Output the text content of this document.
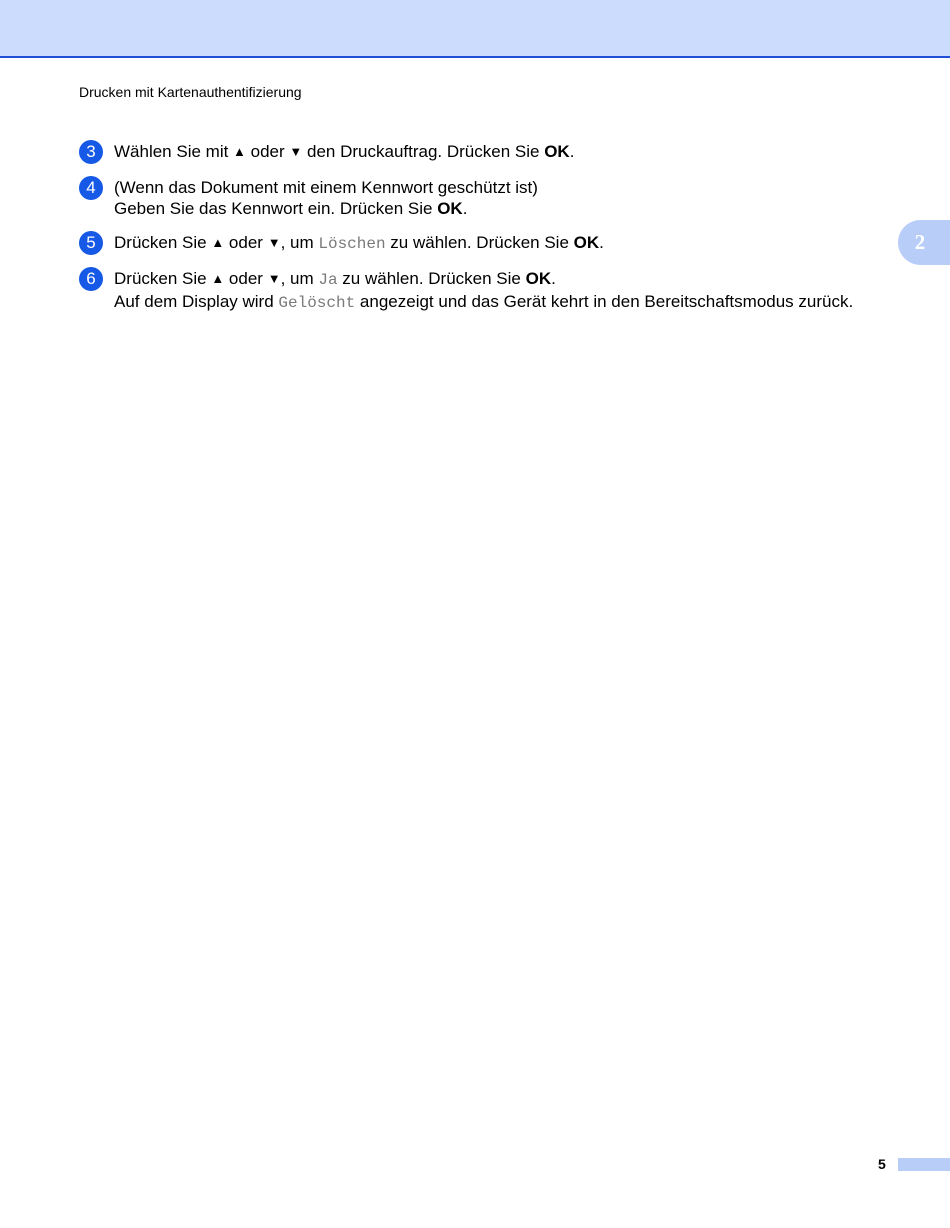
Drucken mit Kartenauthentifizierung
2
3	Wählen Sie mit ▲ oder ▼ den Druckauftrag. Drücken Sie OK.
4	(Wenn das Dokument mit einem Kennwort geschützt ist)
Geben Sie das Kennwort ein. Drücken Sie OK.
5	Drücken Sie ▲ oder ▼, um Löschen zu wählen. Drücken Sie OK.
6	Drücken Sie ▲ oder ▼, um Ja zu wählen. Drücken Sie OK.
Auf dem Display wird Gelöscht angezeigt und das Gerät kehrt in den Bereitschaftsmodus zurück.
5
